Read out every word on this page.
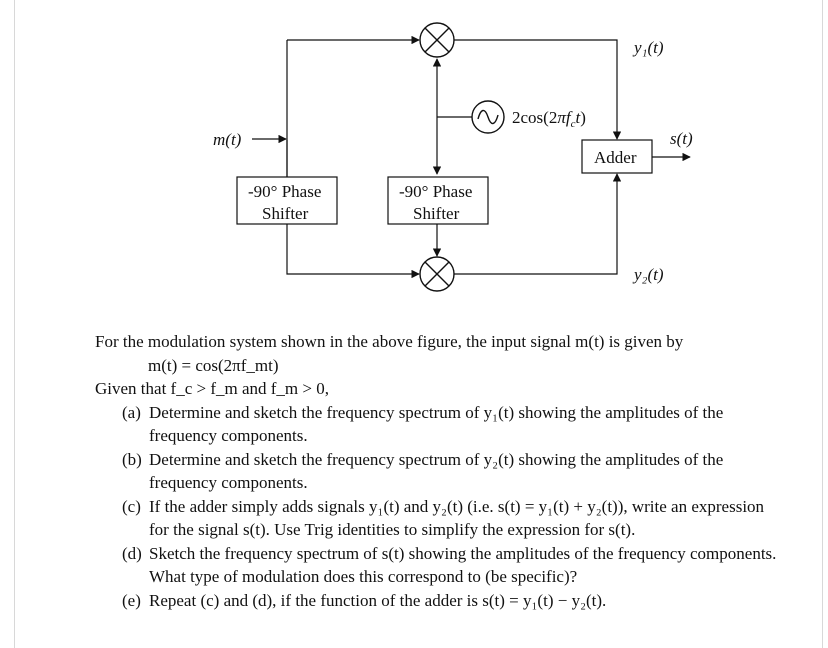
m(t)
y₁(t)
$2\cos(2\pi f_ct)$
Adder
s(t)
-90° Phase
Shifter
-90° Phase
Shifter
y₂(t)
For the modulation system shown in the above figure, the input signal m(t) is given by
m(t) = cos(2πf_mt)
Given that f_c > f_m and f_m > 0,
(a) Determine and sketch the frequency spectrum of y₁(t) showing the amplitudes of the
frequency components.
(b) Determine and sketch the frequency spectrum of y₂(t) showing the amplitudes of the
frequency components.
(c) If the adder simply adds signals y₁(t) and y₂(t) (i.e. s(t) = y₁(t) + y₂(t)), write an expression
for the signal s(t). Use Trig identities to simplify the expression for s(t).
(d) Sketch the frequency spectrum of s(t) showing the amplitudes of the frequency components.
What type of modulation does this correspond to (be specific)?
(e) Repeat (c) and (d), if the function of the adder is s(t) = y₁(t) − y₂(t).
